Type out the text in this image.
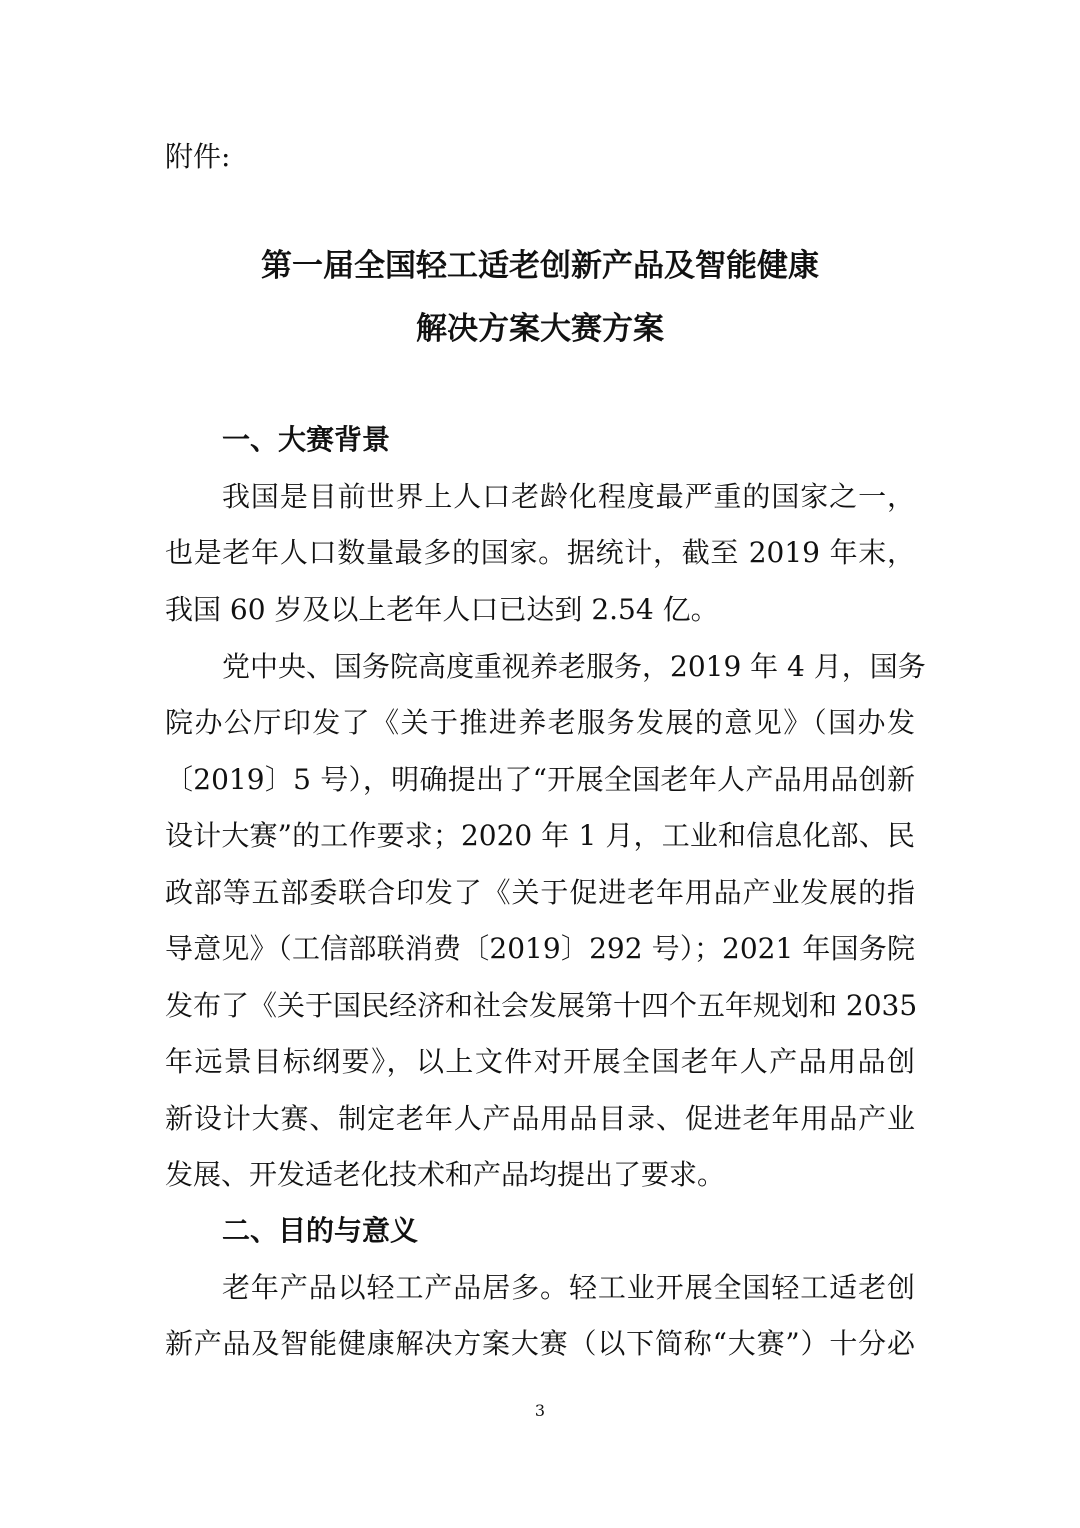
附件:
第一届全国轻工适老创新产品及智能健康
解决方案大赛方案
一、大赛背景
我国是目前世界上人口老龄化程度最严重的国家之一，
也是老年人口数量最多的国家。据统计，截至 2019 年末，
我国 60 岁及以上老年人口已达到 2.54 亿。
党中央、国务院高度重视养老服务，2019 年 4 月，国务
院办公厅印发了《关于推进养老服务发展的意见》（国办发
〔2019〕5 号），明确提出了“开展全国老年人产品用品创新
设计大赛”的工作要求；2020 年 1 月，工业和信息化部、民
政部等五部委联合印发了《关于促进老年用品产业发展的指
导意见》（工信部联消费〔2019〕292 号）；2021 年国务院
发布了《关于国民经济和社会发展第十四个五年规划和 2035
年远景目标纲要》，以上文件对开展全国老年人产品用品创
新设计大赛、制定老年人产品用品目录、促进老年用品产业
发展、开发适老化技术和产品均提出了要求。
二、目的与意义
老年产品以轻工产品居多。轻工业开展全国轻工适老创
新产品及智能健康解决方案大赛（以下简称“大赛”）十分必
3
